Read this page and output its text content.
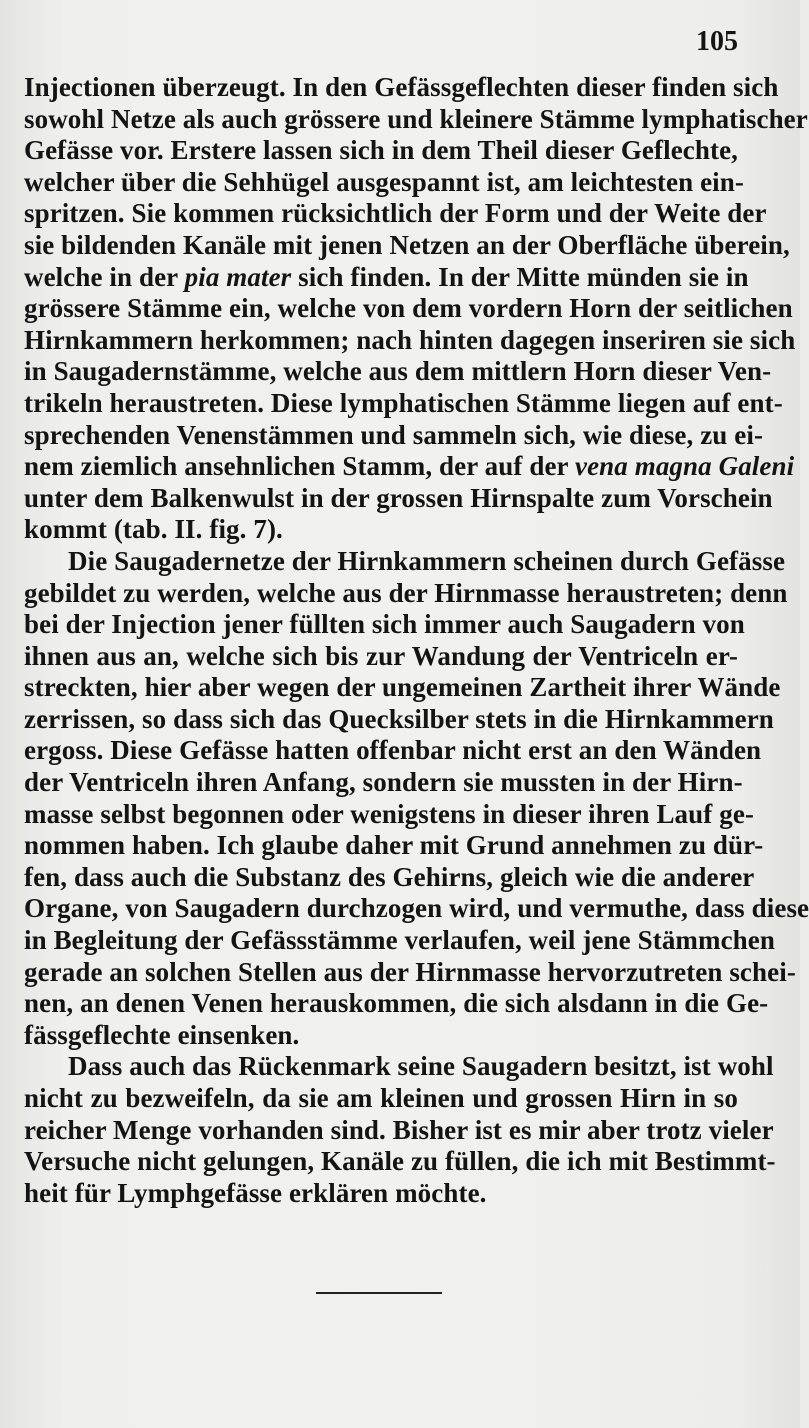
105
Injectionen überzeugt. In den Gefässgeflechten dieser finden sich
sowohl Netze als auch grössere und kleinere Stämme lymphatischer
Gefässe vor. Erstere lassen sich in dem Theil dieser Geflechte,
welcher über die Sehhügel ausgespannt ist, am leichtesten ein-
spritzen. Sie kommen rücksichtlich der Form und der Weite der
sie bildenden Kanäle mit jenen Netzen an der Oberfläche überein,
welche in der pia mater sich finden. In der Mitte münden sie in
grössere Stämme ein, welche von dem vordern Horn der seitlichen
Hirnkammern herkommen; nach hinten dagegen inseriren sie sich
in Saugadernstämme, welche aus dem mittlern Horn dieser Ven-
trikeln heraustreten. Diese lymphatischen Stämme liegen auf ent-
sprechenden Venenstämmen und sammeln sich, wie diese, zu ei-
nem ziemlich ansehnlichen Stamm, der auf der vena magna Galeni
unter dem Balkenwulst in der grossen Hirnspalte zum Vorschein
kommt (tab. II. fig. 7).
Die Saugadernetze der Hirnkammern scheinen durch Gefässe
gebildet zu werden, welche aus der Hirnmasse heraustreten; denn
bei der Injection jener füllten sich immer auch Saugadern von
ihnen aus an, welche sich bis zur Wandung der Ventriceln er-
streckten, hier aber wegen der ungemeinen Zartheit ihrer Wände
zerrissen, so dass sich das Quecksilber stets in die Hirnkammern
ergoss. Diese Gefässe hatten offenbar nicht erst an den Wänden
der Ventriceln ihren Anfang, sondern sie mussten in der Hirn-
masse selbst begonnen oder wenigstens in dieser ihren Lauf ge-
nommen haben. Ich glaube daher mit Grund annehmen zu dür-
fen, dass auch die Substanz des Gehirns, gleich wie die anderer
Organe, von Saugadern durchzogen wird, und vermuthe, dass diese
in Begleitung der Gefässstämme verlaufen, weil jene Stämmchen
gerade an solchen Stellen aus der Hirnmasse hervorzutreten schei-
nen, an denen Venen herauskommen, die sich alsdann in die Ge-
fässgeflechte einsenken.
Dass auch das Rückenmark seine Saugadern besitzt, ist wohl
nicht zu bezweifeln, da sie am kleinen und grossen Hirn in so
reicher Menge vorhanden sind. Bisher ist es mir aber trotz vieler
Versuche nicht gelungen, Kanäle zu füllen, die ich mit Bestimmt-
heit für Lymphgefässe erklären möchte.
